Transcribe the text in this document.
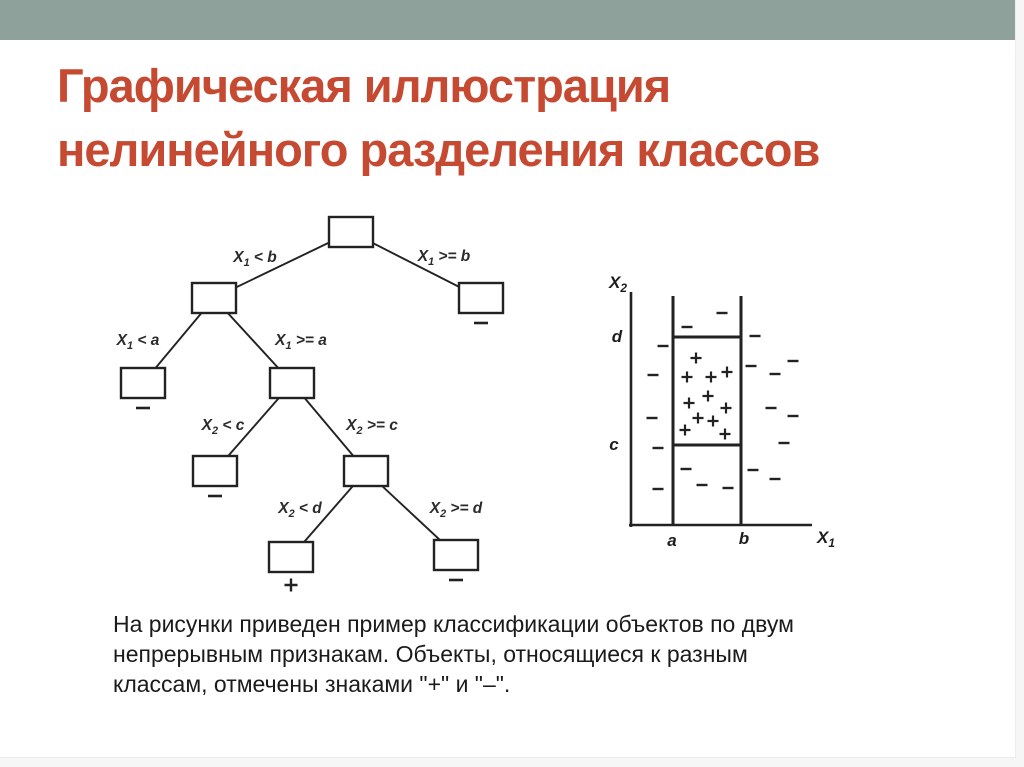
Графическая иллюстрация
нелинейного разделения классов
$X_1 < b$	$X_1 >= b$
$X_1 < a$	$X_1 >= a$
$X_2 < c$	$X_2 >= c$
$X_2 < d$	$X_2 >= d$
$X_2$
$X_1$
d
c
a	b
На рисунки приведен пример классификации объектов по двум
непрерывным признакам. Объекты, относящиеся к разным
классам, отмечены знаками "+" и "–".
